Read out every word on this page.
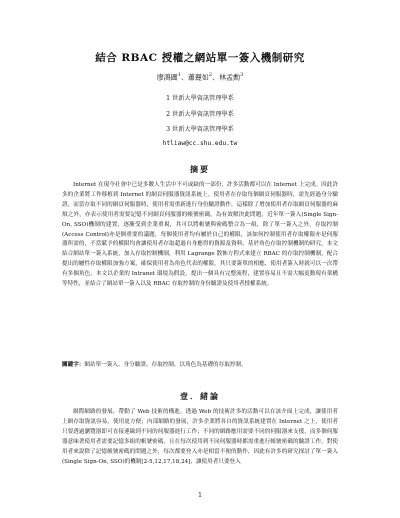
結合 RBAC 授權之網站單一簽入機制研究
廖鴻圖$^1$、蕭麗如$^2$、林孟勳$^3$
1 世新大學資訊管理學系
2 世新大學資訊管理學系
3 世新大學資訊管理學系
htliaw@cc.shu.edu.tw
摘要

Internet 在現今社會中已是多數人生活中不可或缺的一部份，許多活動都可以在 Internet 上完成。因此許多的企業將工作移植到 Internet 的網頁伺服器資訊系統上。使用者在存取每個網頁伺服器時，需先經過身分驗證，而當存取不同的網頁伺服器時，使用者需重新進行身份驗證動作，這樣除了增加使用者存取網頁伺服器的麻煩之外，亦表示使用者需要記憶不同網頁伺服器的帳號密碼，為有效解決此問題，近年單一簽入(Single Sign-On, SSO)機制的建置，逐漸受到企業重視，其可以將帳號與密碼整合為一組，除了單一簽入之外，存取控制(Access Control)亦是個重要的議題，每個使用者均有屬於自己的權限，該如何控制使用者存取權限亦是伺服器所需的，不當賦予的權限均會讓使用者存取超過自身應得的資源及資料，基於角色存取控制機制的研究，本文結合網站單一簽入系統，加入存取控制機制，利用 Lagrange 散佈方程式來建立 RBAC 的存取控制機制，配合提出的屬性存取權限加強方案，確保使用者為角色代表的權限，其只要簽單的相應，使用者簽入時就可以一次帶有多個角色，本文以企業的 Intranet 環境為假設，提出一個具有完整流程，建置容易且不需大幅更動現有架構等特性，並結合了網站單一簽入以及 RBAC 存取控制的身份驗證及使用者授權系統。

關鍵字：網站單一簽入、身分驗證、存取控制、以角色為基礎的存取控制。

壹．緒論

網際網路的發展，帶動了 Web 技術的構進，透過 Web 的技術許多的活動可以在該介面上完成，讓使用者上網存取資訊容易，使用更方便；內部網路的發展，許多企業將各自的資訊系統建置在 Internet 之上，使用者只要透過瀏覽器即可直接連線到不同的伺服器進行工作；不同的網路應用需要不同的伺服器來支援，而多個伺服器意味著使用者需要記憶多組的帳號密碼，且在每次使用到不同伺服器時都需重進行帳號密碼的驗證工作，對使用者來說除了記憶帳號密碼的問題之外，每次都要登入亦是相當不便的動作，因此有許多的研究探討了單一簽入(Single Sign-On, SSO)的機制[2-5,12,17,18,24]，讓使用者只要登入

1
